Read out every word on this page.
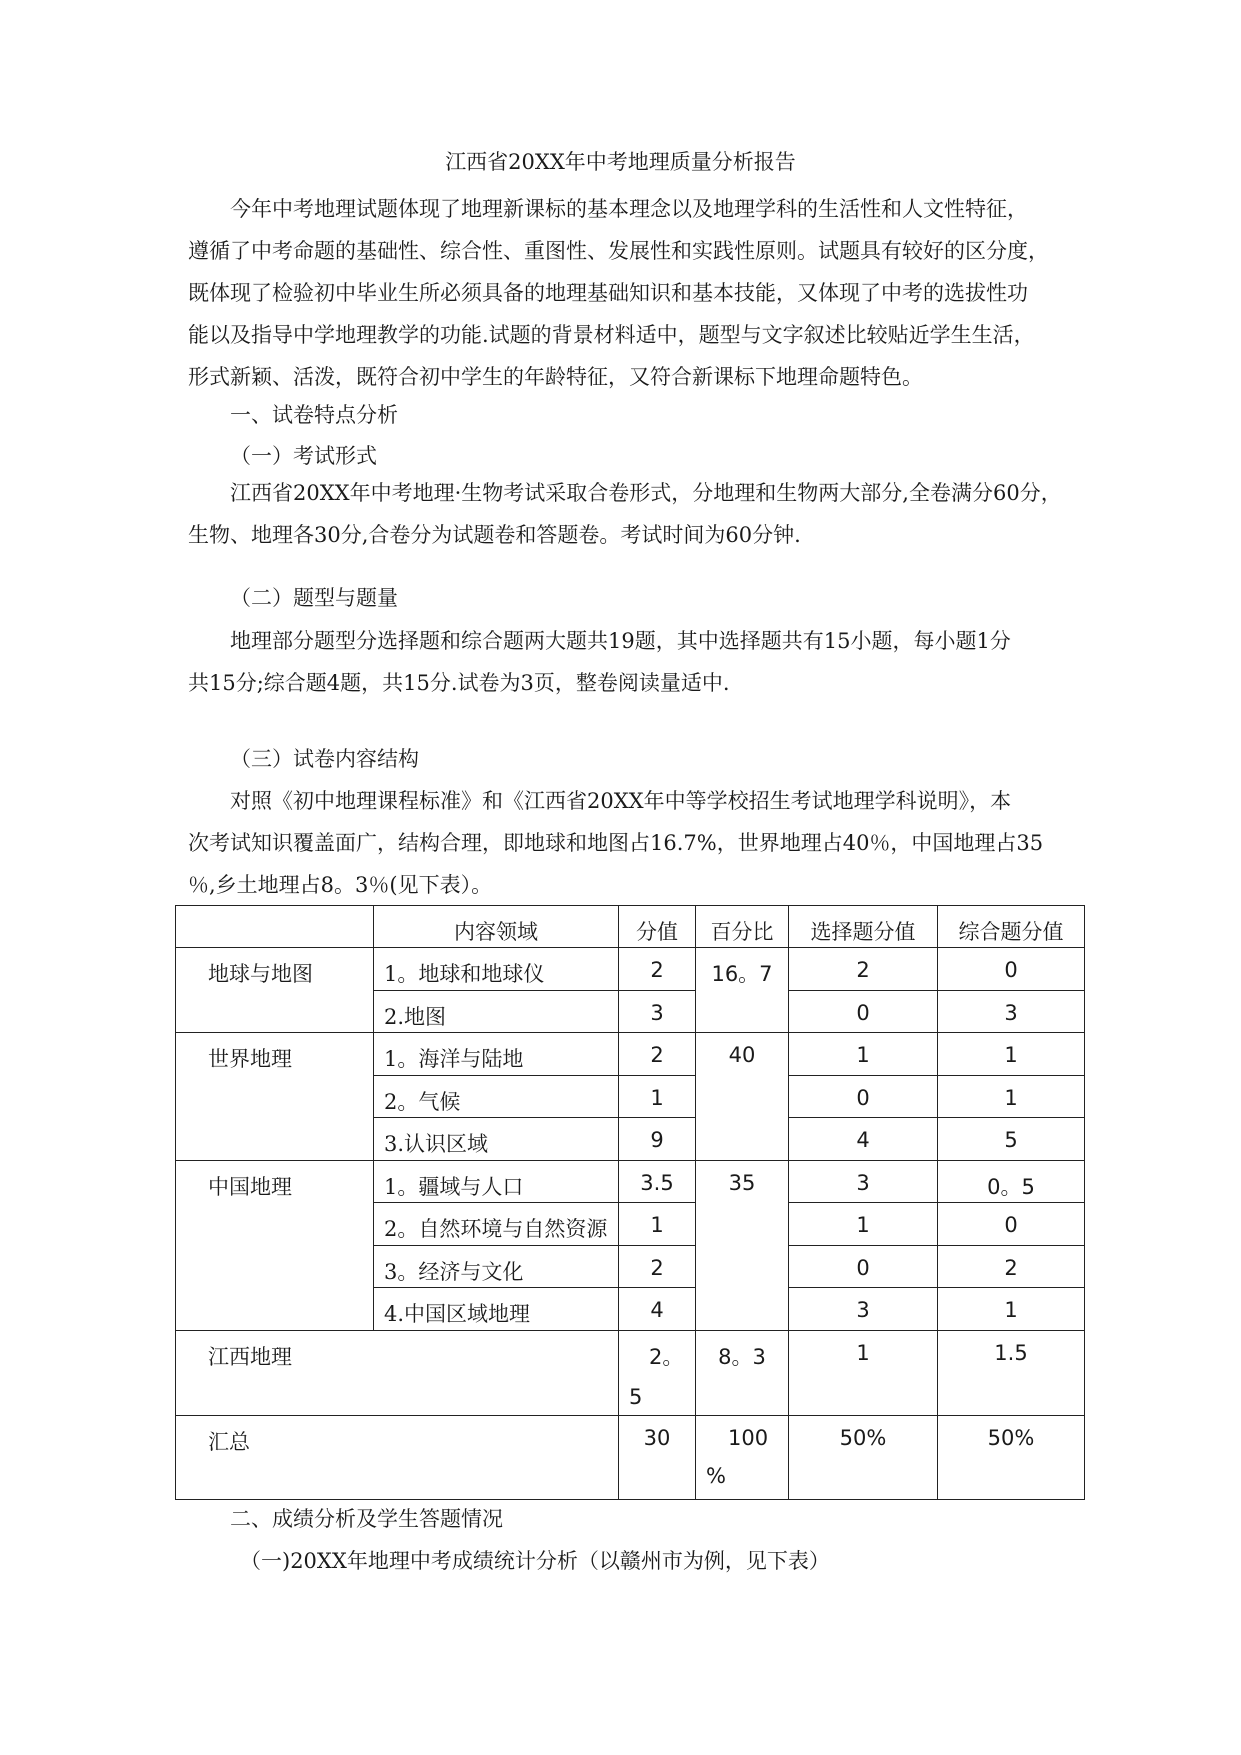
江西省20XX年中考地理质量分析报告
今年中考地理试题体现了地理新课标的基本理念以及地理学科的生活性和人文性特征，
遵循了中考命题的基础性、综合性、重图性、发展性和实践性原则。试题具有较好的区分度，
既体现了检验初中毕业生所必须具备的地理基础知识和基本技能，又体现了中考的选拔性功
能以及指导中学地理教学的功能.试题的背景材料适中，题型与文字叙述比较贴近学生生活，
形式新颖、活泼，既符合初中学生的年龄特征，又符合新课标下地理命题特色。
一、试卷特点分析
（一）考试形式
江西省20XX年中考地理·生物考试采取合卷形式，分地理和生物两大部分,全卷满分60分，
生物、地理各30分,合卷分为试题卷和答题卷。考试时间为60分钟.
（二）题型与题量
地理部分题型分选择题和综合题两大题共19题，其中选择题共有15小题，每小题1分
共15分;综合题4题，共15分.试卷为3页，整卷阅读量适中.
（三）试卷内容结构
对照《初中地理课程标准》和《江西省20XX年中等学校招生考试地理学科说明》，本
次考试知识覆盖面广，结构合理，即地球和地图占16.7%，世界地理占40％，中国地理占35
％,乡土地理占8。3％(见下表）。

	内容领域	分值	百分比	选择题分值	综合题分值

地球与地图	1。地球和地球仪	2	16。7	2	0

	2.地图	3		0	3

世界地理	1。海洋与陆地	2	40	1	1

	2。气候	1		0	1

	3.认识区域	9		4	5

中国地理	1。疆域与人口	3.5	35	3	0。5

	2。自然环境与自然资源	1		1	0

	3。经济与文化	2		0	2

	4.中国区域地理	4		3	1

江西地理		2。
5	8。3	1	1.5

汇总		30	100
%	50%	50%
二、成绩分析及学生答题情况
（一)20XX年地理中考成绩统计分析（以赣州市为例，见下表）
